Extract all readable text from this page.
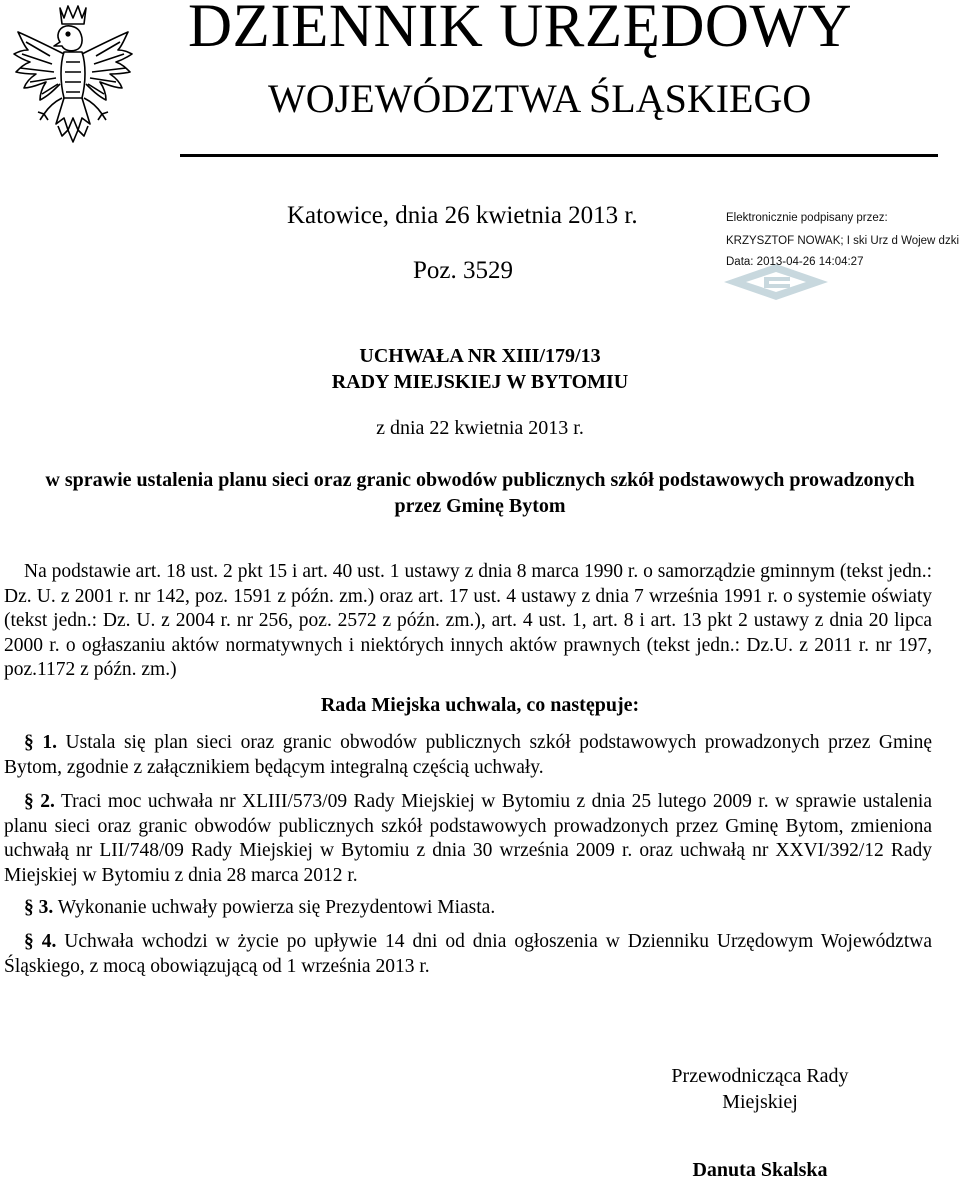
DZIENNIK URZĘDOWY
WOJEWÓDZTWA ŚLĄSKIEGO
Katowice, dnia 26 kwietnia 2013 r.
Poz. 3529
Elektronicznie podpisany przez:
KRZYSZTOF NOWAK; I ski Urz d Wojew dzki
Data: 2013-04-26 14:04:27
UCHWAŁA NR XIII/179/13
RADY MIEJSKIEJ W BYTOMIU
z dnia 22 kwietnia 2013 r.
w sprawie ustalenia planu sieci oraz granic obwodów publicznych szkół podstawowych prowadzonych
przez Gminę Bytom
Na podstawie art. 18 ust. 2 pkt 15 i art. 40 ust. 1 ustawy z dnia 8 marca 1990 r. o samorządzie gminnym (tekst jedn.: Dz. U. z 2001 r. nr 142, poz. 1591 z późn. zm.) oraz art. 17 ust. 4 ustawy z dnia 7 września 1991 r. o systemie oświaty (tekst jedn.: Dz. U. z 2004 r. nr 256, poz. 2572 z późn. zm.), art. 4 ust. 1, art. 8 i art. 13 pkt 2 ustawy z dnia 20 lipca 2000 r. o ogłaszaniu aktów normatywnych i niektórych innych aktów prawnych (tekst jedn.: Dz.U. z 2011 r. nr 197, poz.1172 z późn. zm.)
Rada Miejska uchwala, co następuje:
§ 1. Ustala się plan sieci oraz granic obwodów publicznych szkół podstawowych prowadzonych przez Gminę Bytom, zgodnie z załącznikiem będącym integralną częścią uchwały.
§ 2. Traci moc uchwała nr XLIII/573/09 Rady Miejskiej w Bytomiu z dnia 25 lutego 2009 r. w sprawie ustalenia planu sieci oraz granic obwodów publicznych szkół podstawowych prowadzonych przez Gminę Bytom, zmieniona uchwałą nr LII/748/09 Rady Miejskiej w Bytomiu z dnia 30 września 2009 r. oraz uchwałą nr XXVI/392/12 Rady Miejskiej w Bytomiu z dnia 28 marca 2012 r.
§ 3. Wykonanie uchwały powierza się Prezydentowi Miasta.
§ 4. Uchwała wchodzi w życie po upływie 14 dni od dnia ogłoszenia w Dzienniku Urzędowym Województwa Śląskiego, z mocą obowiązującą od 1 września 2013 r.
Przewodnicząca Rady
Miejskiej
Danuta Skalska
